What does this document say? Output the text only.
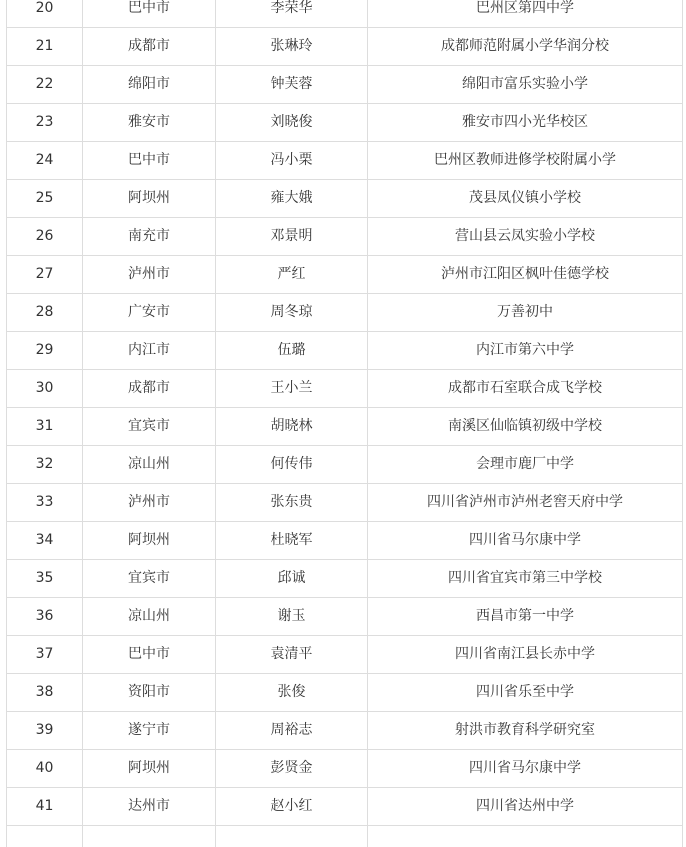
20	巴中市	李荣华	巴州区第四中学
21	成都市	张琳玲	成都师范附属小学华润分校
22	绵阳市	钟芙蓉	绵阳市富乐实验小学
23	雅安市	刘晓俊	雅安市四小光华校区
24	巴中市	冯小栗	巴州区教师进修学校附属小学
25	阿坝州	雍大娥	茂县凤仪镇小学校
26	南充市	邓景明	营山县云凤实验小学校
27	泸州市	严红	泸州市江阳区枫叶佳德学校
28	广安市	周冬琼	万善初中
29	内江市	伍璐	内江市第六中学
30	成都市	王小兰	成都市石室联合成飞学校
31	宜宾市	胡晓林	南溪区仙临镇初级中学校
32	凉山州	何传伟	会理市鹿厂中学
33	泸州市	张东贵	四川省泸州市泸州老窖天府中学
34	阿坝州	杜晓军	四川省马尔康中学
35	宜宾市	邱诚	四川省宜宾市第三中学校
36	凉山州	谢玉	西昌市第一中学
37	巴中市	袁清平	四川省南江县长赤中学
38	资阳市	张俊	四川省乐至中学
39	遂宁市	周裕志	射洪市教育科学研究室
40	阿坝州	彭贤金	四川省马尔康中学
41	达州市	赵小红	四川省达州中学
